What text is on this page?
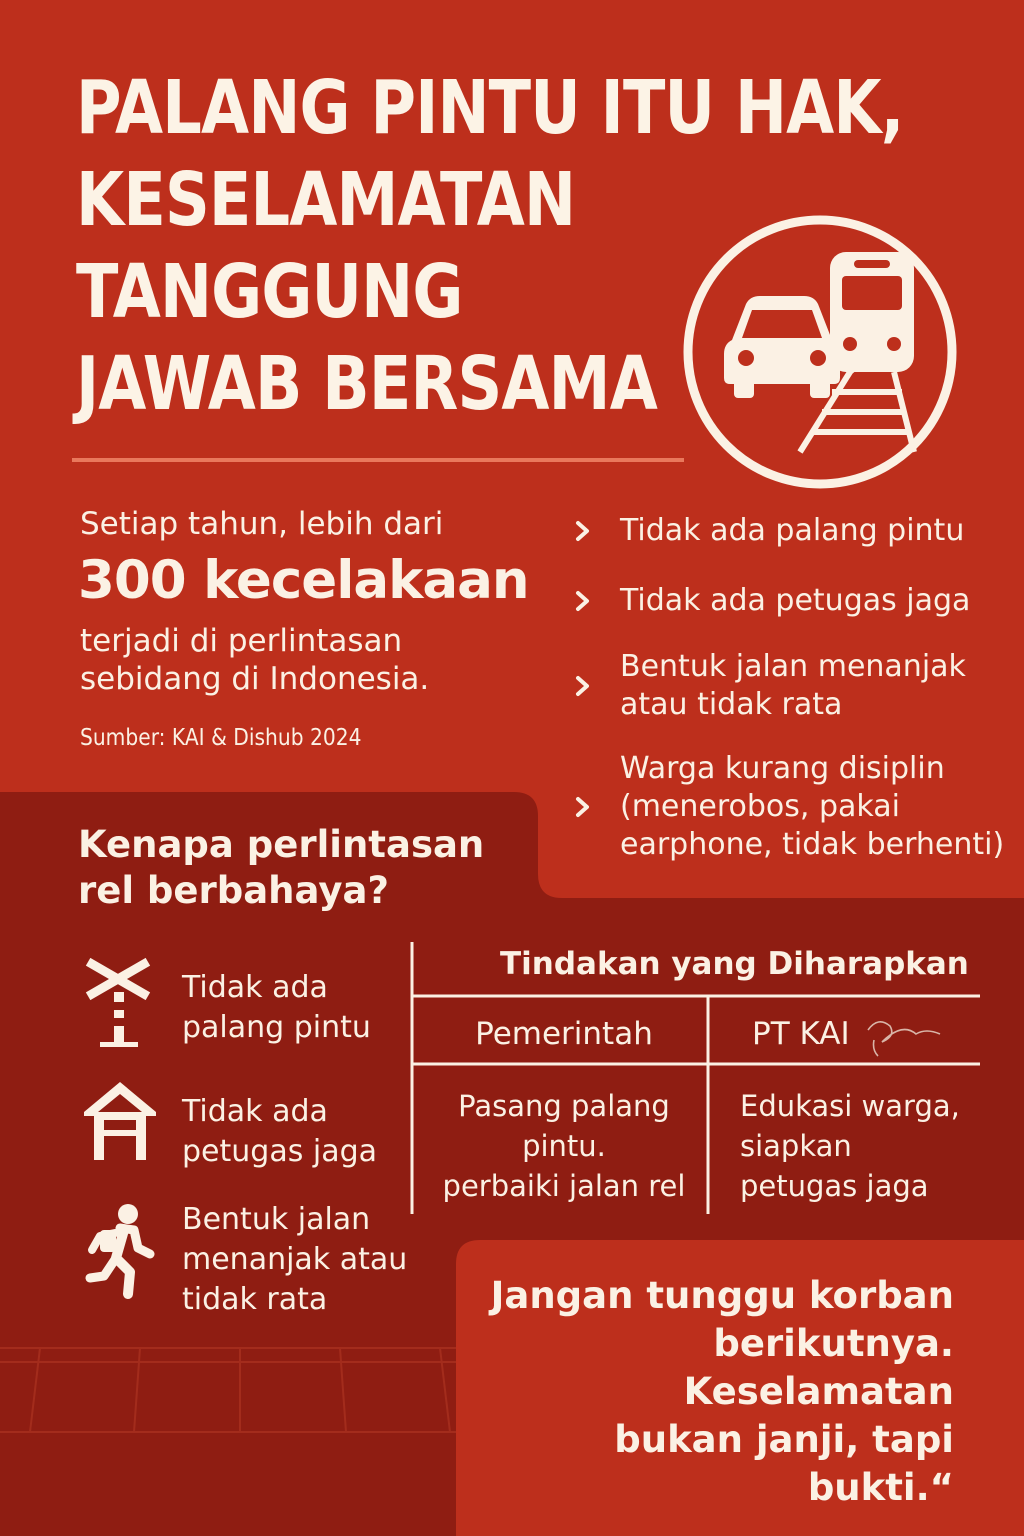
PALANG PINTU ITU HAK,
KESELAMATAN
TANGGUNG
JAWAB BERSAMA
Setiap tahun, lebih dari
300 kecelakaan
terjadi di perlintasan
sebidang di Indonesia.
Sumber: KAI & Dishub 2024
Tidak ada palang pintu
Tidak ada petugas jaga
Bentuk jalan menanjak
atau tidak rata
Warga kurang disiplin
(menerobos, pakai
earphone, tidak berhenti)
Kenapa perlintasan
rel berbahaya?
Tidak ada
palang pintu
Tidak ada
petugas jaga
Bentuk jalan
menanjak atau
tidak rata
Tindakan yang Diharapkan
Pemerintah	PT KAI
Pasang palang
pintu.
perbaiki jalan rel
Edukasi warga,
siapkan
petugas jaga
Jangan tunggu korban
berikutnya. Keselamatan
bukan janji, tapi bukti.“
